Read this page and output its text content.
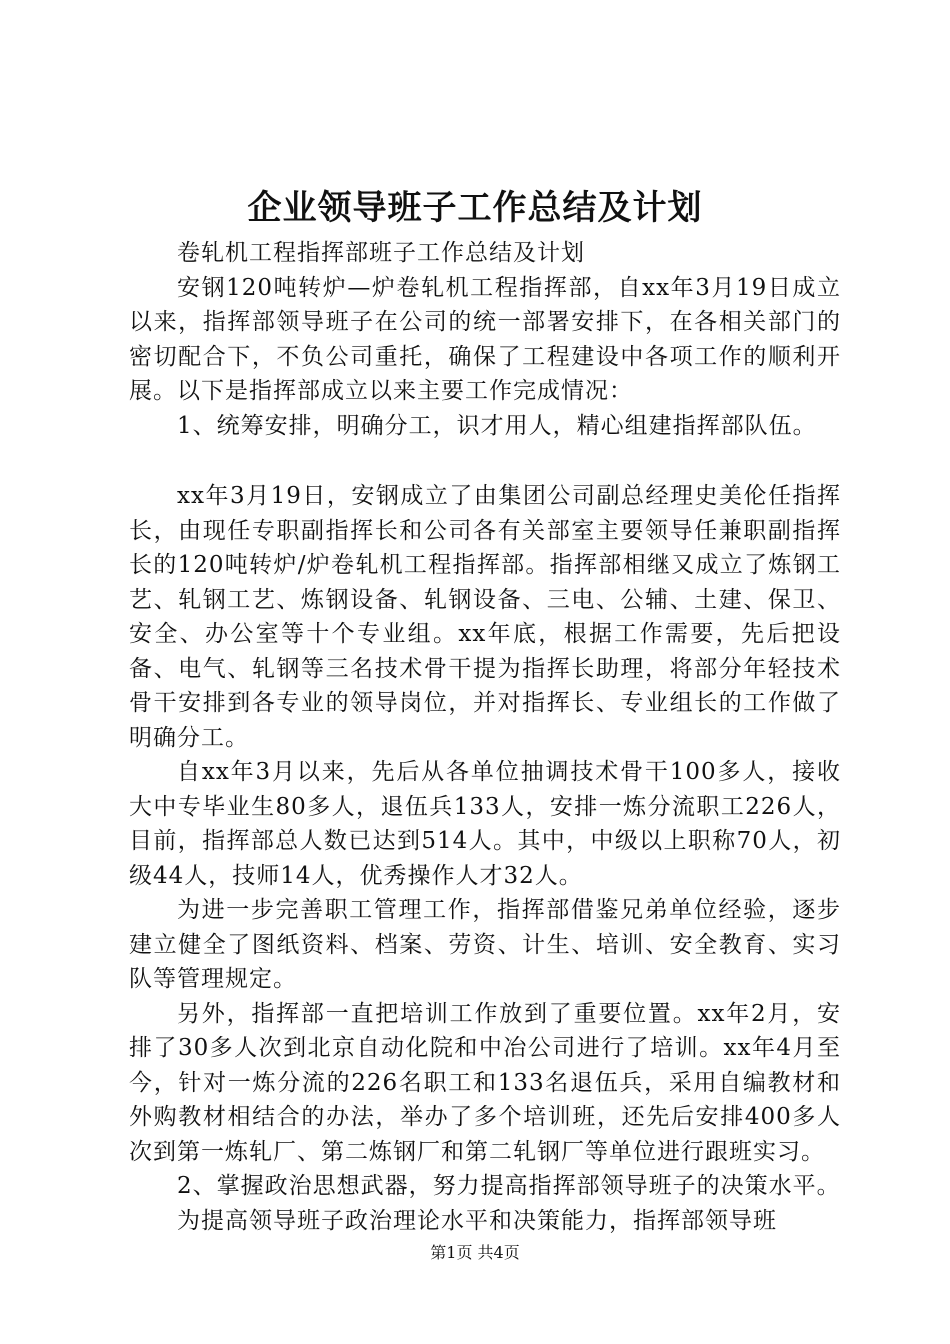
企业领导班子工作总结及计划

卷轧机工程指挥部班子工作总结及计划

安钢120吨转炉—炉卷轧机工程指挥部，自xx年3月19日成立以来，指挥部领导班子在公司的统一部署安排下，在各相关部门的密切配合下，不负公司重托，确保了工程建设中各项工作的顺利开展。以下是指挥部成立以来主要工作完成情况：

1、统筹安排，明确分工，识才用人，精心组建指挥部队伍。

xx年3月19日，安钢成立了由集团公司副总经理史美伦任指挥长，由现任专职副指挥长和公司各有关部室主要领导任兼职副指挥长的120吨转炉/炉卷轧机工程指挥部。指挥部相继又成立了炼钢工艺、轧钢工艺、炼钢设备、轧钢设备、三电、公辅、土建、保卫、安全、办公室等十个专业组。xx年底，根据工作需要，先后把设备、电气、轧钢等三名技术骨干提为指挥长助理，将部分年轻技术骨干安排到各专业的领导岗位，并对指挥长、专业组长的工作做了明确分工。

自xx年3月以来，先后从各单位抽调技术骨干100多人，接收大中专毕业生80多人，退伍兵133人，安排一炼分流职工226人，目前，指挥部总人数已达到514人。其中，中级以上职称70人，初级44人，技师14人，优秀操作人才32人。

为进一步完善职工管理工作，指挥部借鉴兄弟单位经验，逐步建立健全了图纸资料、档案、劳资、计生、培训、安全教育、实习队等管理规定。

另外，指挥部一直把培训工作放到了重要位置。xx年2月，安排了30多人次到北京自动化院和中冶公司进行了培训。xx年4月至今，针对一炼分流的226名职工和133名退伍兵，采用自编教材和外购教材相结合的办法，举办了多个培训班，还先后安排400多人次到第一炼轧厂、第二炼钢厂和第二轧钢厂等单位进行跟班实习。

2、掌握政治思想武器，努力提高指挥部领导班子的决策水平。

为提高领导班子政治理论水平和决策能力，指挥部领导班

第1页 共4页
